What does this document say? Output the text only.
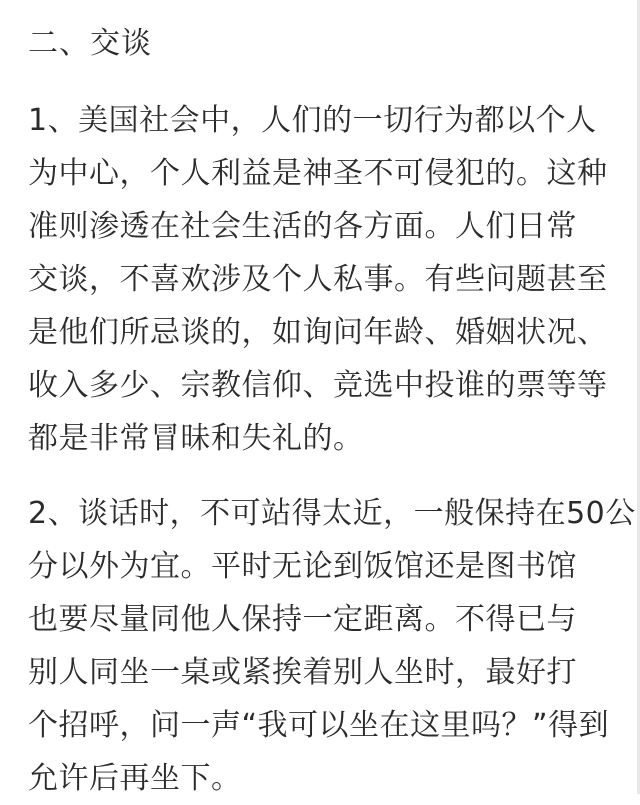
二、交谈

1、美国社会中，人们的一切行为都以个人
为中心，个人利益是神圣不可侵犯的。这种
准则渗透在社会生活的各方面。人们日常
交谈，不喜欢涉及个人私事。有些问题甚至
是他们所忌谈的，如询问年龄、婚姻状况、
收入多少、宗教信仰、竞选中投谁的票等等
都是非常冒昧和失礼的。

2、谈话时，不可站得太近，一般保持在50公
分以外为宜。平时无论到饭馆还是图书馆
也要尽量同他人保持一定距离。不得已与
别人同坐一桌或紧挨着别人坐时，最好打
个招呼，问一声“我可以坐在这里吗？”得到
允许后再坐下。
